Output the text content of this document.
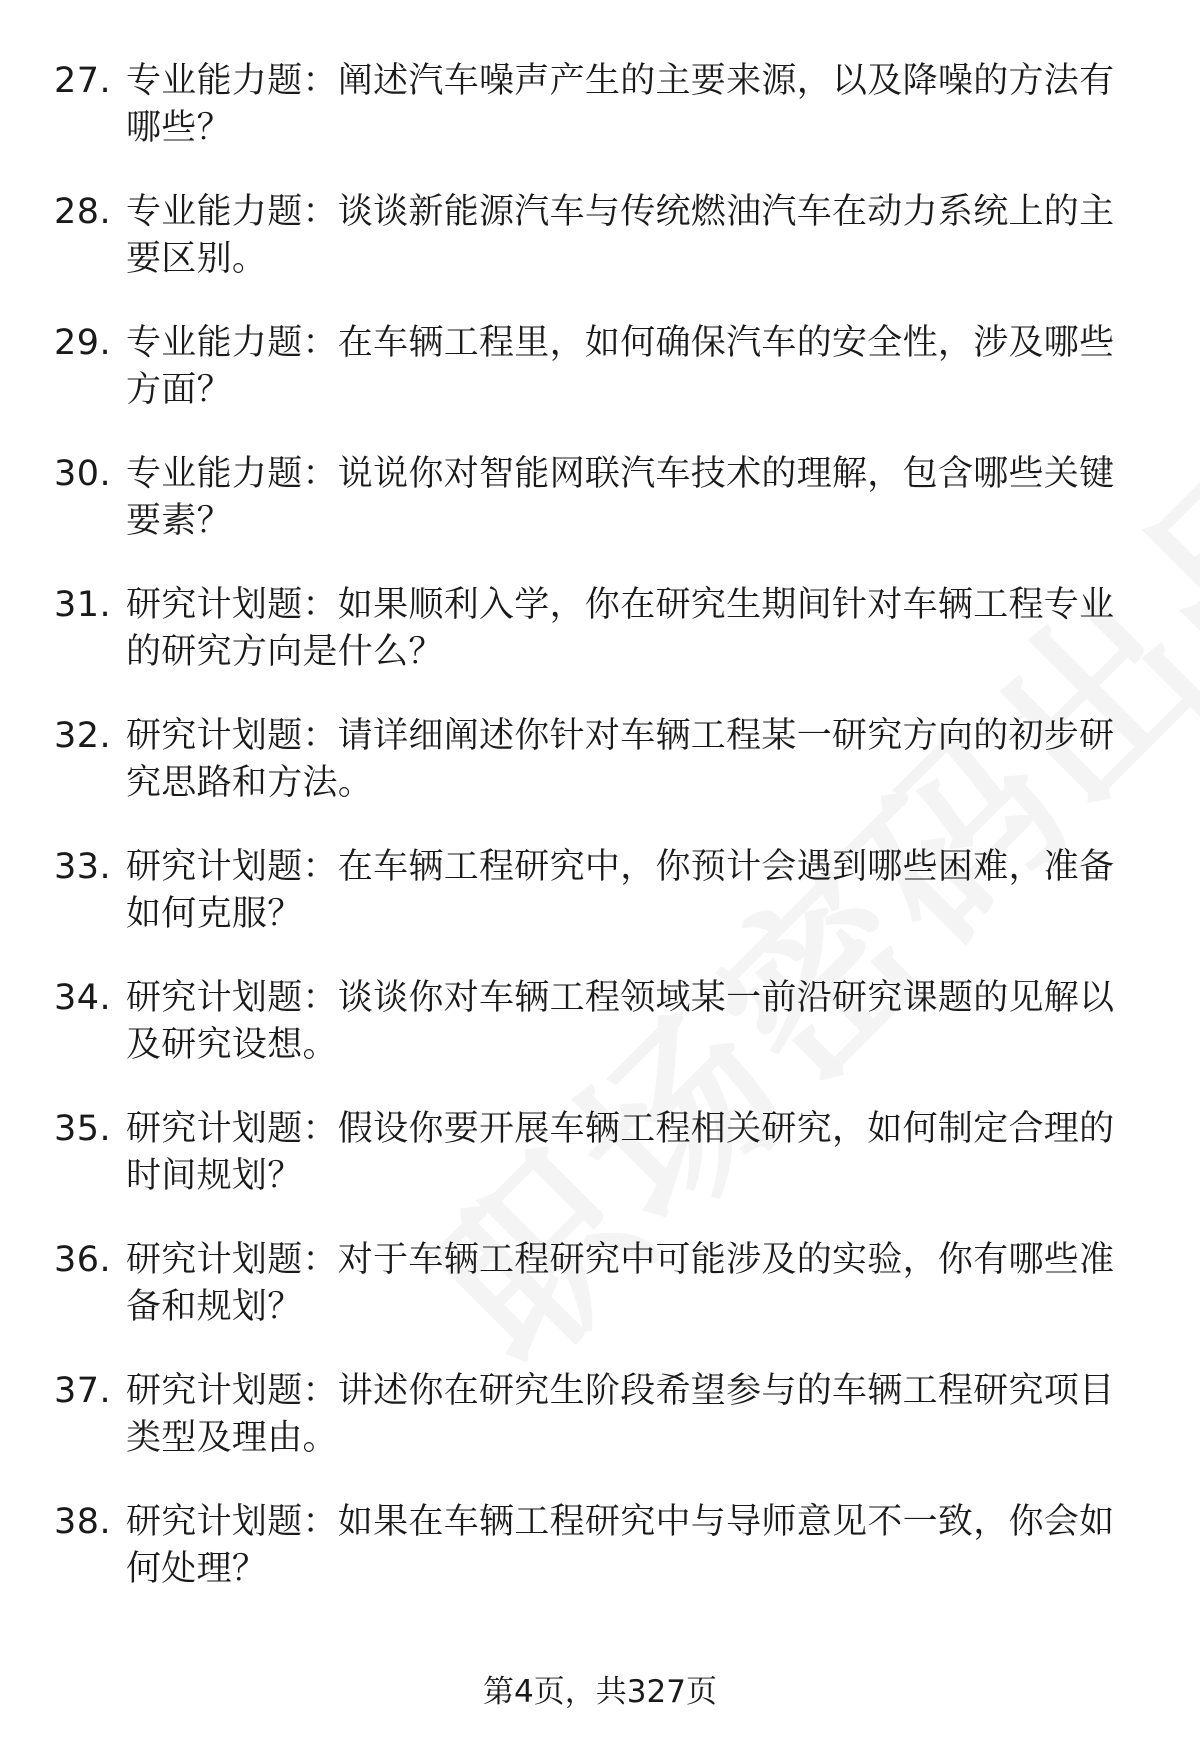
27. 专业能力题：阐述汽车噪声产生的主要来源，以及降噪的方法有哪些？
28. 专业能力题：谈谈新能源汽车与传统燃油汽车在动力系统上的主要区别。
29. 专业能力题：在车辆工程里，如何确保汽车的安全性，涉及哪些方面？
30. 专业能力题：说说你对智能网联汽车技术的理解，包含哪些关键要素？
31. 研究计划题：如果顺利入学，你在研究生期间针对车辆工程专业的研究方向是什么？
32. 研究计划题：请详细阐述你针对车辆工程某一研究方向的初步研究思路和方法。
33. 研究计划题：在车辆工程研究中，你预计会遇到哪些困难，准备如何克服？
34. 研究计划题：谈谈你对车辆工程领域某一前沿研究课题的见解以及研究设想。
35. 研究计划题：假设你要开展车辆工程相关研究，如何制定合理的时间规划？
36. 研究计划题：对于车辆工程研究中可能涉及的实验，你有哪些准备和规划？
37. 研究计划题：讲述你在研究生阶段希望参与的车辆工程研究项目类型及理由。
38. 研究计划题：如果在车辆工程研究中与导师意见不一致，你会如何处理？
第4页，共327页
